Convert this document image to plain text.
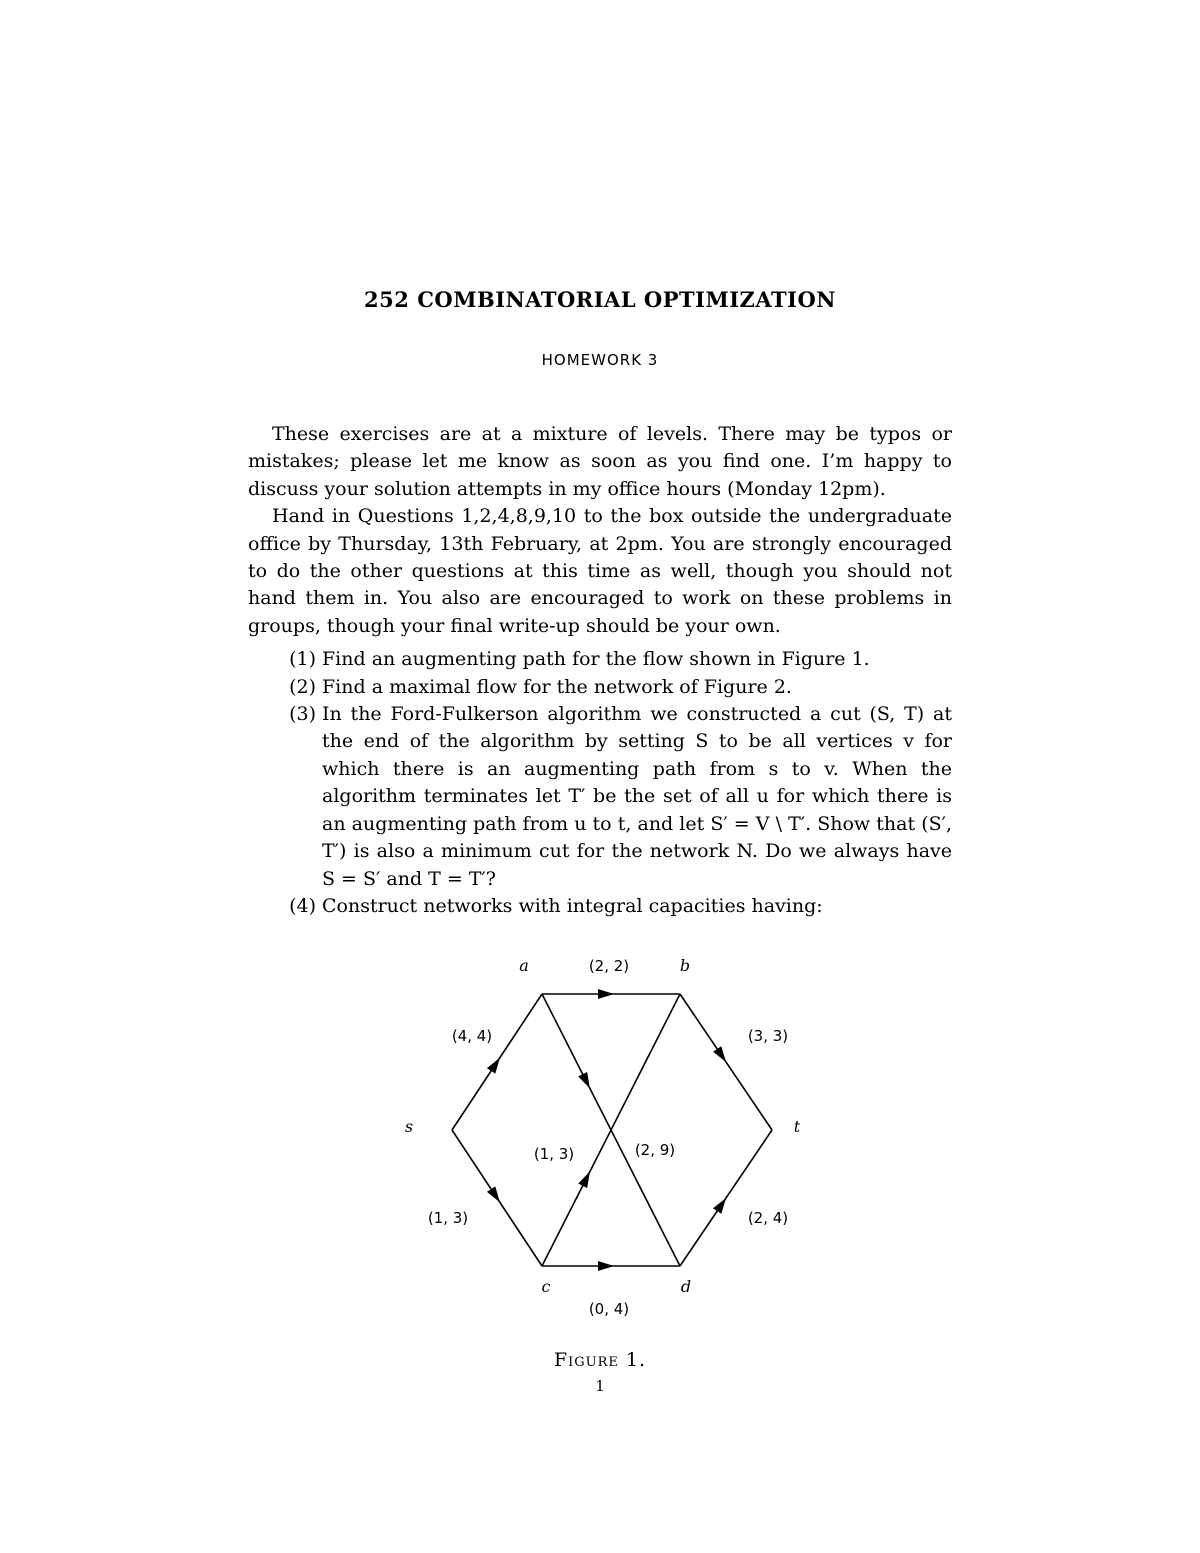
252 COMBINATORIAL OPTIMIZATION
HOMEWORK 3

These exercises are at a mixture of levels. There may be typos or mistakes; please let me know as soon as you find one. I’m happy to discuss your solution attempts in my office hours (Monday 12pm).

Hand in Questions 1,2,4,8,9,10 to the box outside the undergraduate office by Thursday, 13th February, at 2pm. You are strongly encouraged to do the other questions at this time as well, though you should not hand them in. You also are encouraged to work on these problems in groups, though your final write-up should be your own.

(1) Find an augmenting path for the flow shown in Figure 1.
(2) Find a maximal flow for the network of Figure 2.
(3) In the Ford-Fulkerson algorithm we constructed a cut (S, T) at the end of the algorithm by setting S to be all vertices v for which there is an augmenting path from s to v. When the algorithm terminates let T′ be the set of all u for which there is an augmenting path from u to t, and let S′ = V \ T′. Show that (S′, T′) is also a minimum cut for the network N. Do we always have S = S′ and T = T′?
(4) Construct networks with integral capacities having:
a	b
s	t
c	d
(2, 2)
(4, 4)	(3, 3)
(1, 3)	(2, 9)
(1, 3)	(2, 4)
(0, 4)
Figure 1.
1
